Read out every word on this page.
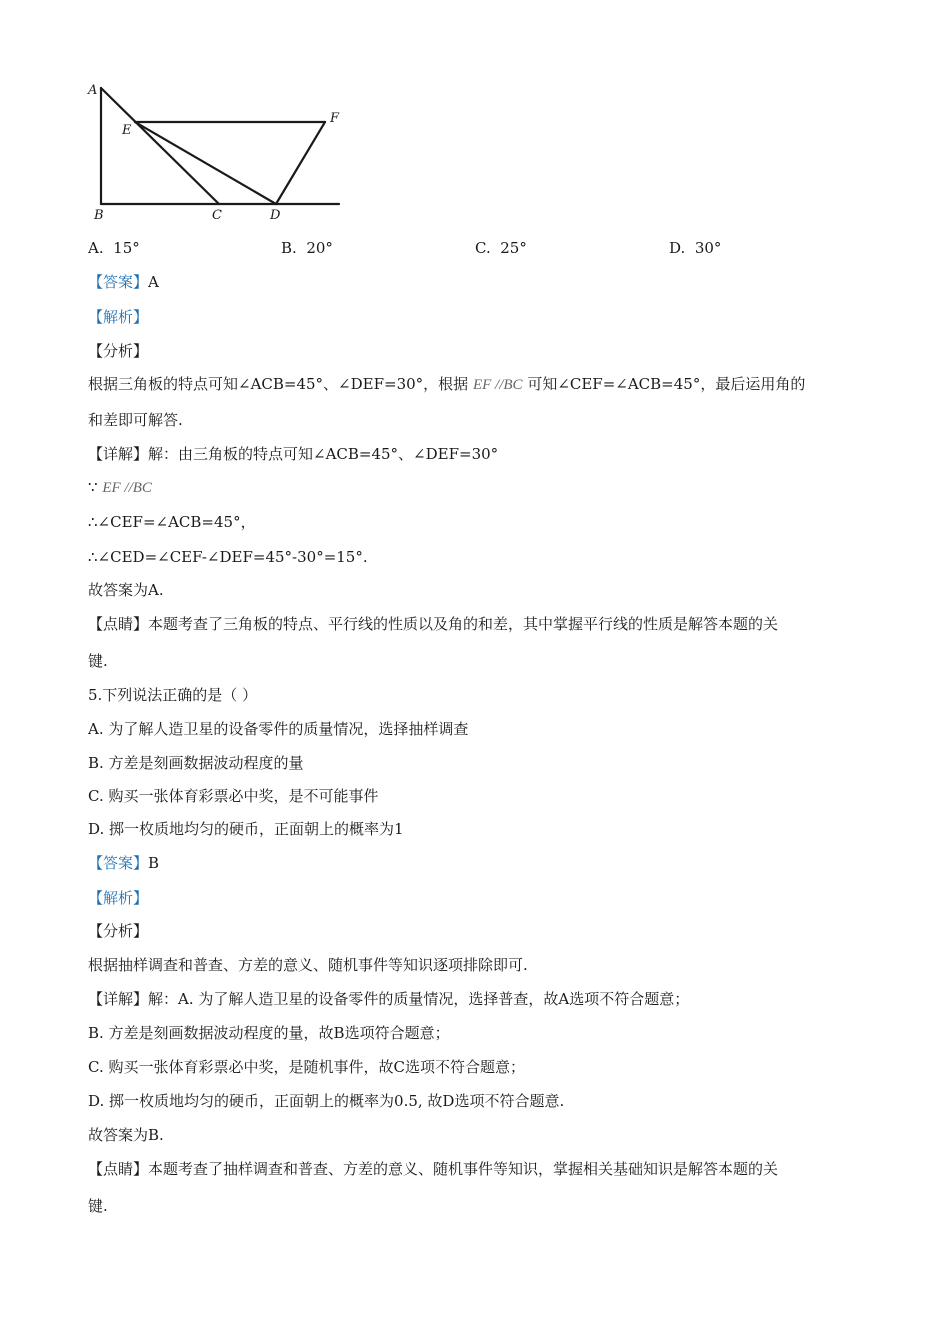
A
E
F
B	C	D
A. 15°	B. 20°	C. 25°	D. 30°
【答案】A
【解析】
【分析】
根据三角板的特点可知∠ACB=45°、∠DEF=30°，根据 EF //BC 可知∠CEF=∠ACB=45°，最后运用角的
和差即可解答.
【详解】解：由三角板的特点可知∠ACB=45°、∠DEF=30°
∵ EF //BC
∴∠CEF=∠ACB=45°，
∴∠CED=∠CEF-∠DEF=45°-30°=15°.
故答案为A.
【点睛】本题考查了三角板的特点、平行线的性质以及角的和差，其中掌握平行线的性质是解答本题的关
键.
5.下列说法正确的是（ ）
A. 为了解人造卫星的设备零件的质量情况，选择抽样调查
B. 方差是刻画数据波动程度的量
C. 购买一张体育彩票必中奖，是不可能事件
D. 掷一枚质地均匀的硬币，正面朝上的概率为1
【答案】B
【解析】
【分析】
根据抽样调查和普查、方差的意义、随机事件等知识逐项排除即可.
【详解】解：A. 为了解人造卫星的设备零件的质量情况，选择普查，故A选项不符合题意；
B. 方差是刻画数据波动程度的量，故B选项符合题意；
C. 购买一张体育彩票必中奖，是随机事件，故C选项不符合题意；
D. 掷一枚质地均匀的硬币，正面朝上的概率为0.5, 故D选项不符合题意.
故答案为B.
【点睛】本题考查了抽样调查和普查、方差的意义、随机事件等知识，掌握相关基础知识是解答本题的关
键.
